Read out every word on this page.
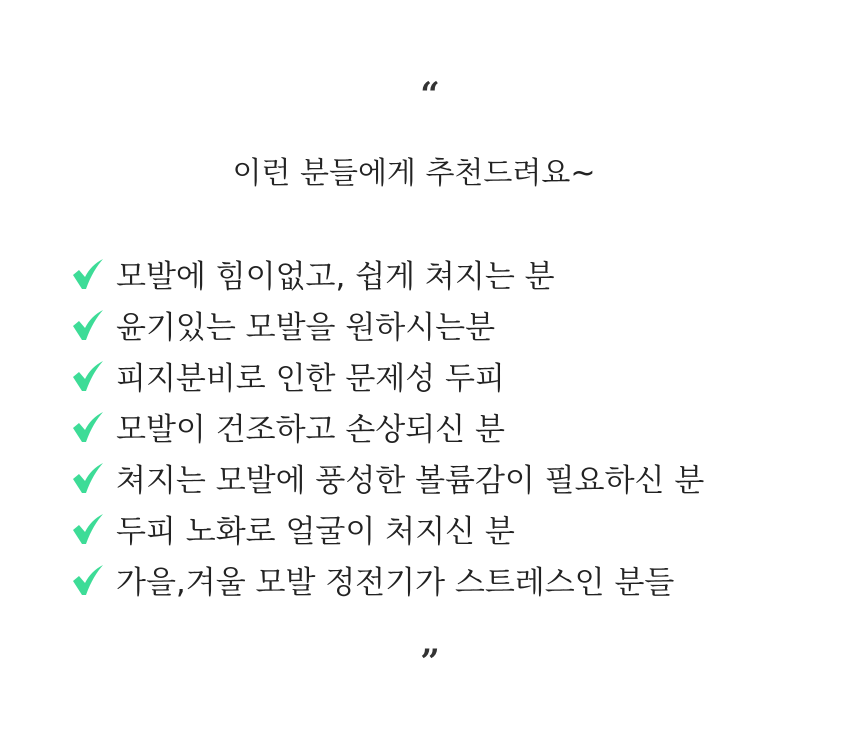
“
이런 분들에게 추천드려요~
모발에 힘이없고, 쉽게 쳐지는 분
윤기있는 모발을 원하시는분
피지분비로 인한 문제성 두피
모발이 건조하고 손상되신 분
쳐지는 모발에 풍성한 볼륨감이 필요하신 분
두피 노화로 얼굴이 처지신 분
가을,겨울 모발 정전기가 스트레스인 분들
”
